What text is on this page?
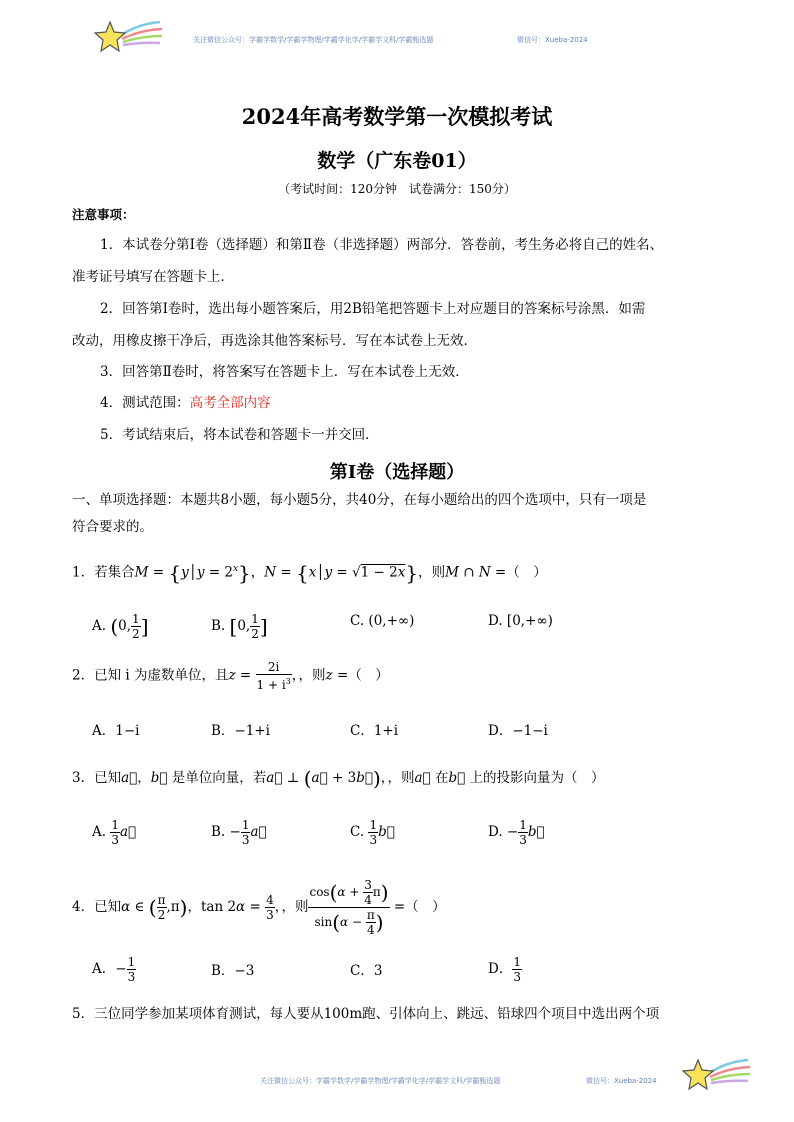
关注微信公众号：学霸学数学/学霸学物理/学霸学化学/学霸学文科/学霸甄选题	微信号：Xueba-2024
2024年高考数学第一次模拟考试
数学（广东卷01）
（考试时间：120分钟　试卷满分：150分）
注意事项：
1．本试卷分第Ⅰ卷（选择题）和第Ⅱ卷（非选择题）两部分．答卷前，考生务必将自己的姓名、
准考证号填写在答题卡上．
2．回答第Ⅰ卷时，选出每小题答案后，用2B铅笔把答题卡上对应题目的答案标号涂黑．如需
改动，用橡皮擦干净后，再选涂其他答案标号．写在本试卷上无效．
3．回答第Ⅱ卷时，将答案写在答题卡上．写在本试卷上无效．
4．测试范围：高考全部内容
5．考试结束后，将本试卷和答题卡一并交回．
第Ⅰ卷（选择题）
一、单项选择题：本题共8小题，每小题5分，共40分，在每小题给出的四个选项中，只有一项是
符合要求的。
1．若集合M = {y│y = $2^x$}，N = {x│y = √1 − 2x}，则M ∩ N =（　）
A. (0, $\frac{1}{2}$ ]	B. [0, $\frac{1}{2}$ ]	C. (0,+∞)	D. [0,+∞)
2．已知 i 为虚数单位，且$z = \frac{2i}{1 + i^3}$ ，，则z =（　）
A．1−i	B．−1+i	C．1+i	D．−1−i
3．已知a⃗，b⃗ 是单位向量，若a⃗ ⊥ (a⃗ + 3b⃗)，，则a⃗ 在b⃗ 上的投影向量为（　）
A. $\frac{1}{3}$ a⃗	B. − $\frac{1}{3}$ a⃗	C. $\frac{1}{3}$ b⃗	D. − $\frac{1}{3}$ b⃗
4．已知α ∈ ( $\frac{\pi}{2} ,\pi$)，$\tan 2\alpha = \frac{4}{3}$ ，，则 $\frac{\cos(\alpha + \frac{3}{4} \pi)}{\sin(\alpha - \frac{\pi}{4} )}$ =（　）
A．− $\frac{1}{3}$	B．−3	C．3	D． $\frac{1}{3}$
5．三位同学参加某项体育测试，每人要从100m跑、引体向上、跳远、铅球四个项目中选出两个项
关注微信公众号：学霸学数学/学霸学物理/学霸学化学/学霸学文科/学霸甄选题	微信号：Xueba-2024
